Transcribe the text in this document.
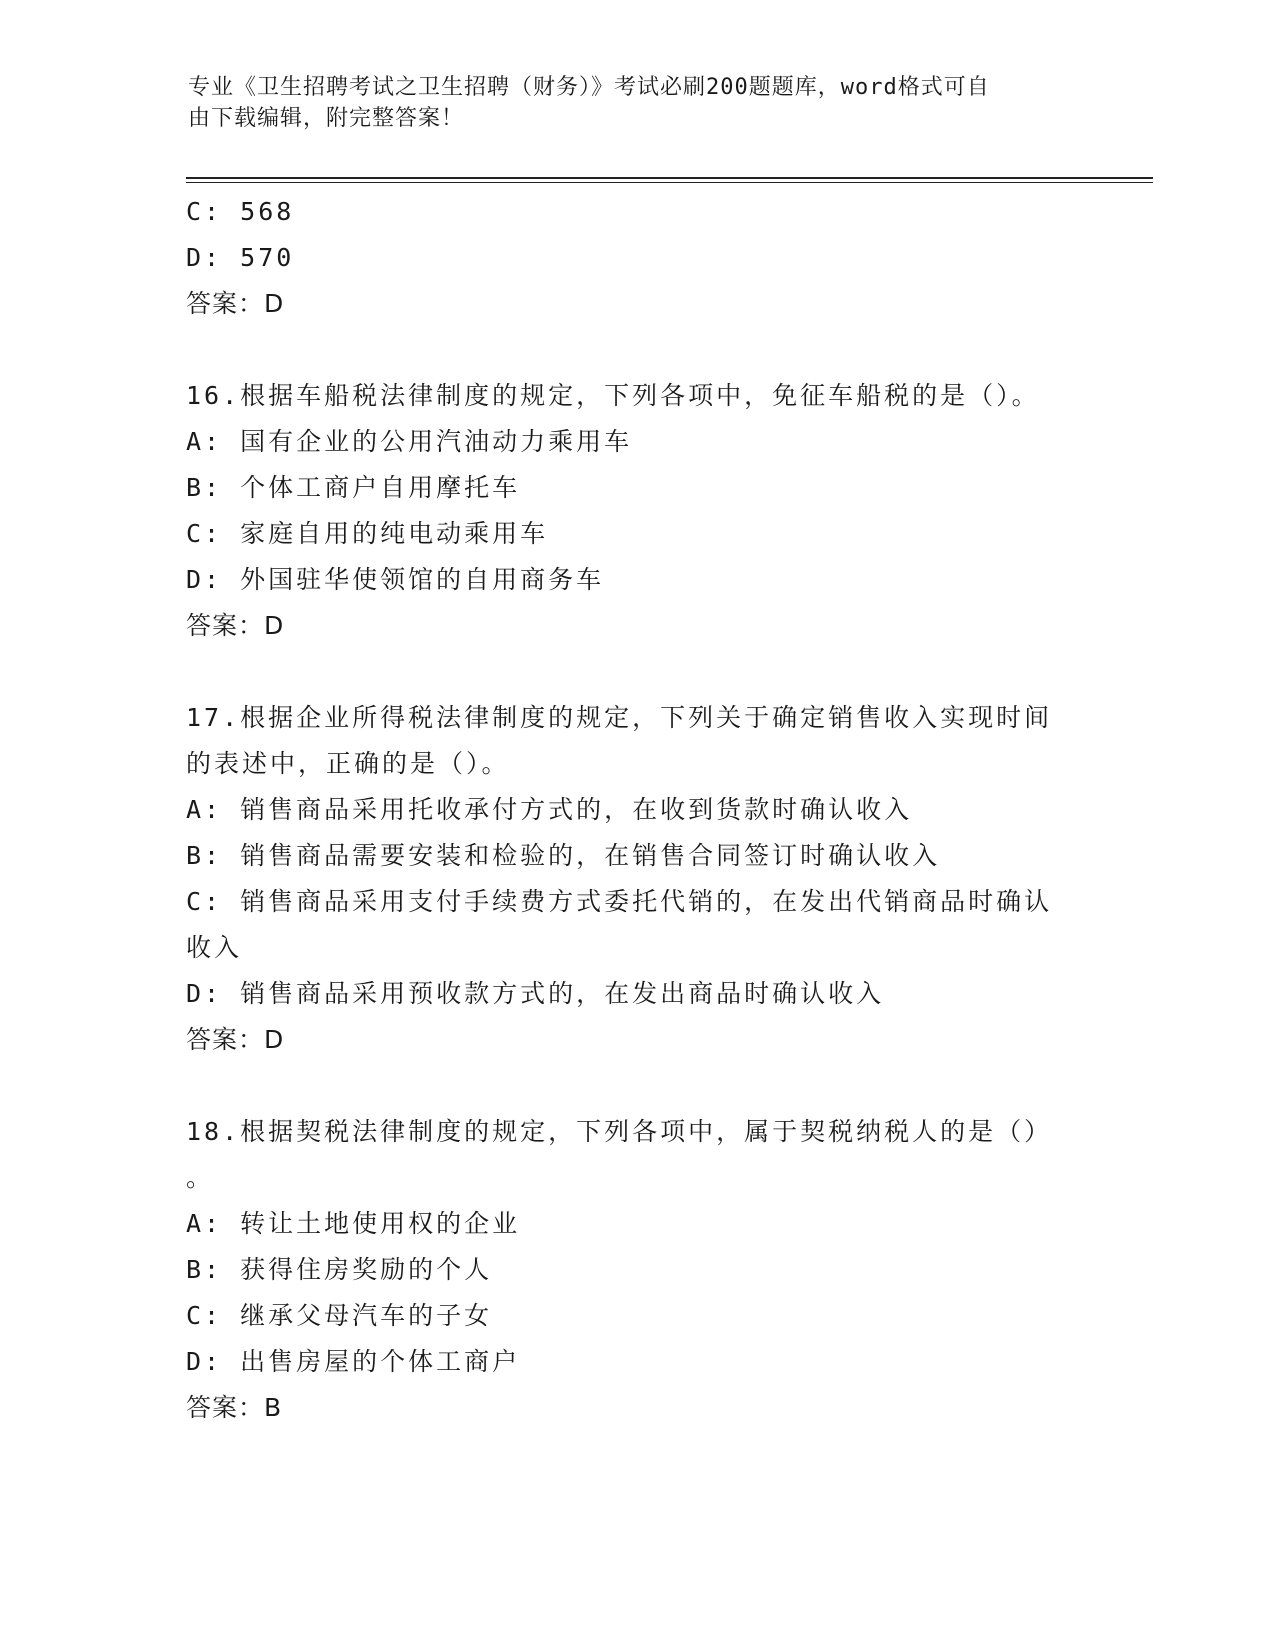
专业《卫生招聘考试之卫生招聘（财务）》考试必刷200题题库，word格式可自
由下载编辑，附完整答案！
C: 568
D: 570
答案：D
16.根据车船税法律制度的规定，下列各项中，免征车船税的是（）。
A: 国有企业的公用汽油动力乘用车
B: 个体工商户自用摩托车
C: 家庭自用的纯电动乘用车
D: 外国驻华使领馆的自用商务车
答案：D
17.根据企业所得税法律制度的规定，下列关于确定销售收入实现时间
的表述中，正确的是（）。
A: 销售商品采用托收承付方式的，在收到货款时确认收入
B: 销售商品需要安装和检验的，在销售合同签订时确认收入
C: 销售商品采用支付手续费方式委托代销的，在发出代销商品时确认
收入
D: 销售商品采用预收款方式的，在发出商品时确认收入
答案：D
18.根据契税法律制度的规定，下列各项中，属于契税纳税人的是（）
。
A: 转让土地使用权的企业
B: 获得住房奖励的个人
C: 继承父母汽车的子女
D: 出售房屋的个体工商户
答案：B
